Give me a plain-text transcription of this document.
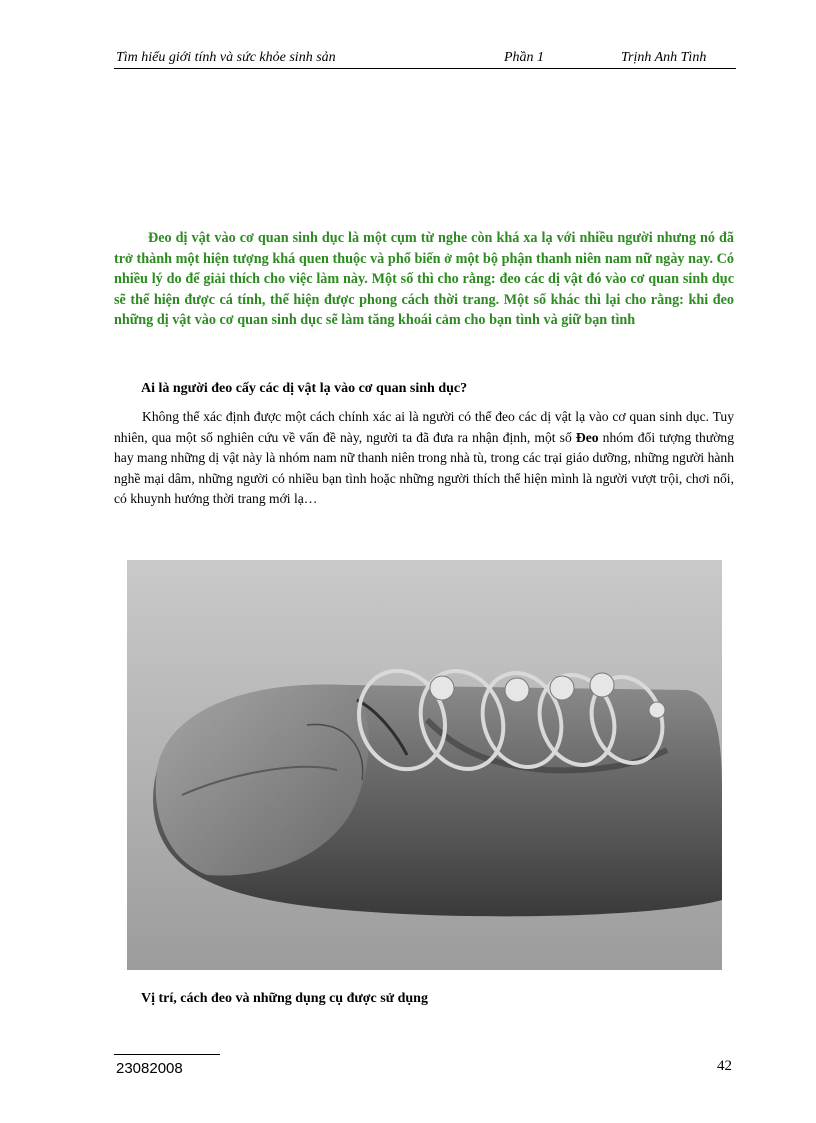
Tìm hiểu giới tính và sức khỏe sinh sản	Phần 1	Trịnh Anh Tình

Đeo dị vật vào cơ quan sinh dục là một cụm từ nghe còn khá xa lạ với nhiều người nhưng nó đã trở thành một hiện tượng khá quen thuộc và phổ biến ở một bộ phận thanh niên nam nữ ngày nay. Có nhiều lý do để giải thích cho việc làm này. Một số thì cho rằng: đeo các dị vật đó vào cơ quan sinh dục sẽ thể hiện được cá tính, thể hiện được phong cách thời trang. Một số khác thì lại cho rằng: khi đeo những dị vật vào cơ quan sinh dục sẽ làm tăng khoái cảm cho bạn tình và giữ bạn tình

Ai là người đeo cấy các dị vật lạ vào cơ quan sinh dục?

Không thể xác định được một cách chính xác ai là người có thể đeo các dị vật lạ vào cơ quan sinh dục. Tuy nhiên, qua một số nghiên cứu về vấn đề này, người ta đã đưa ra nhận định, một số Đeo nhóm đối tượng thường hay mang những dị vật này là nhóm nam nữ thanh niên trong nhà tù, trong các trại giáo dưỡng, những người hành nghề mại dâm, những người có nhiều bạn tình hoặc những người thích thể hiện mình là người vượt trội, chơi nổi, có khuynh hướng thời trang mới lạ…

Vị trí, cách đeo và những dụng cụ được sử dụng

23082008	42
